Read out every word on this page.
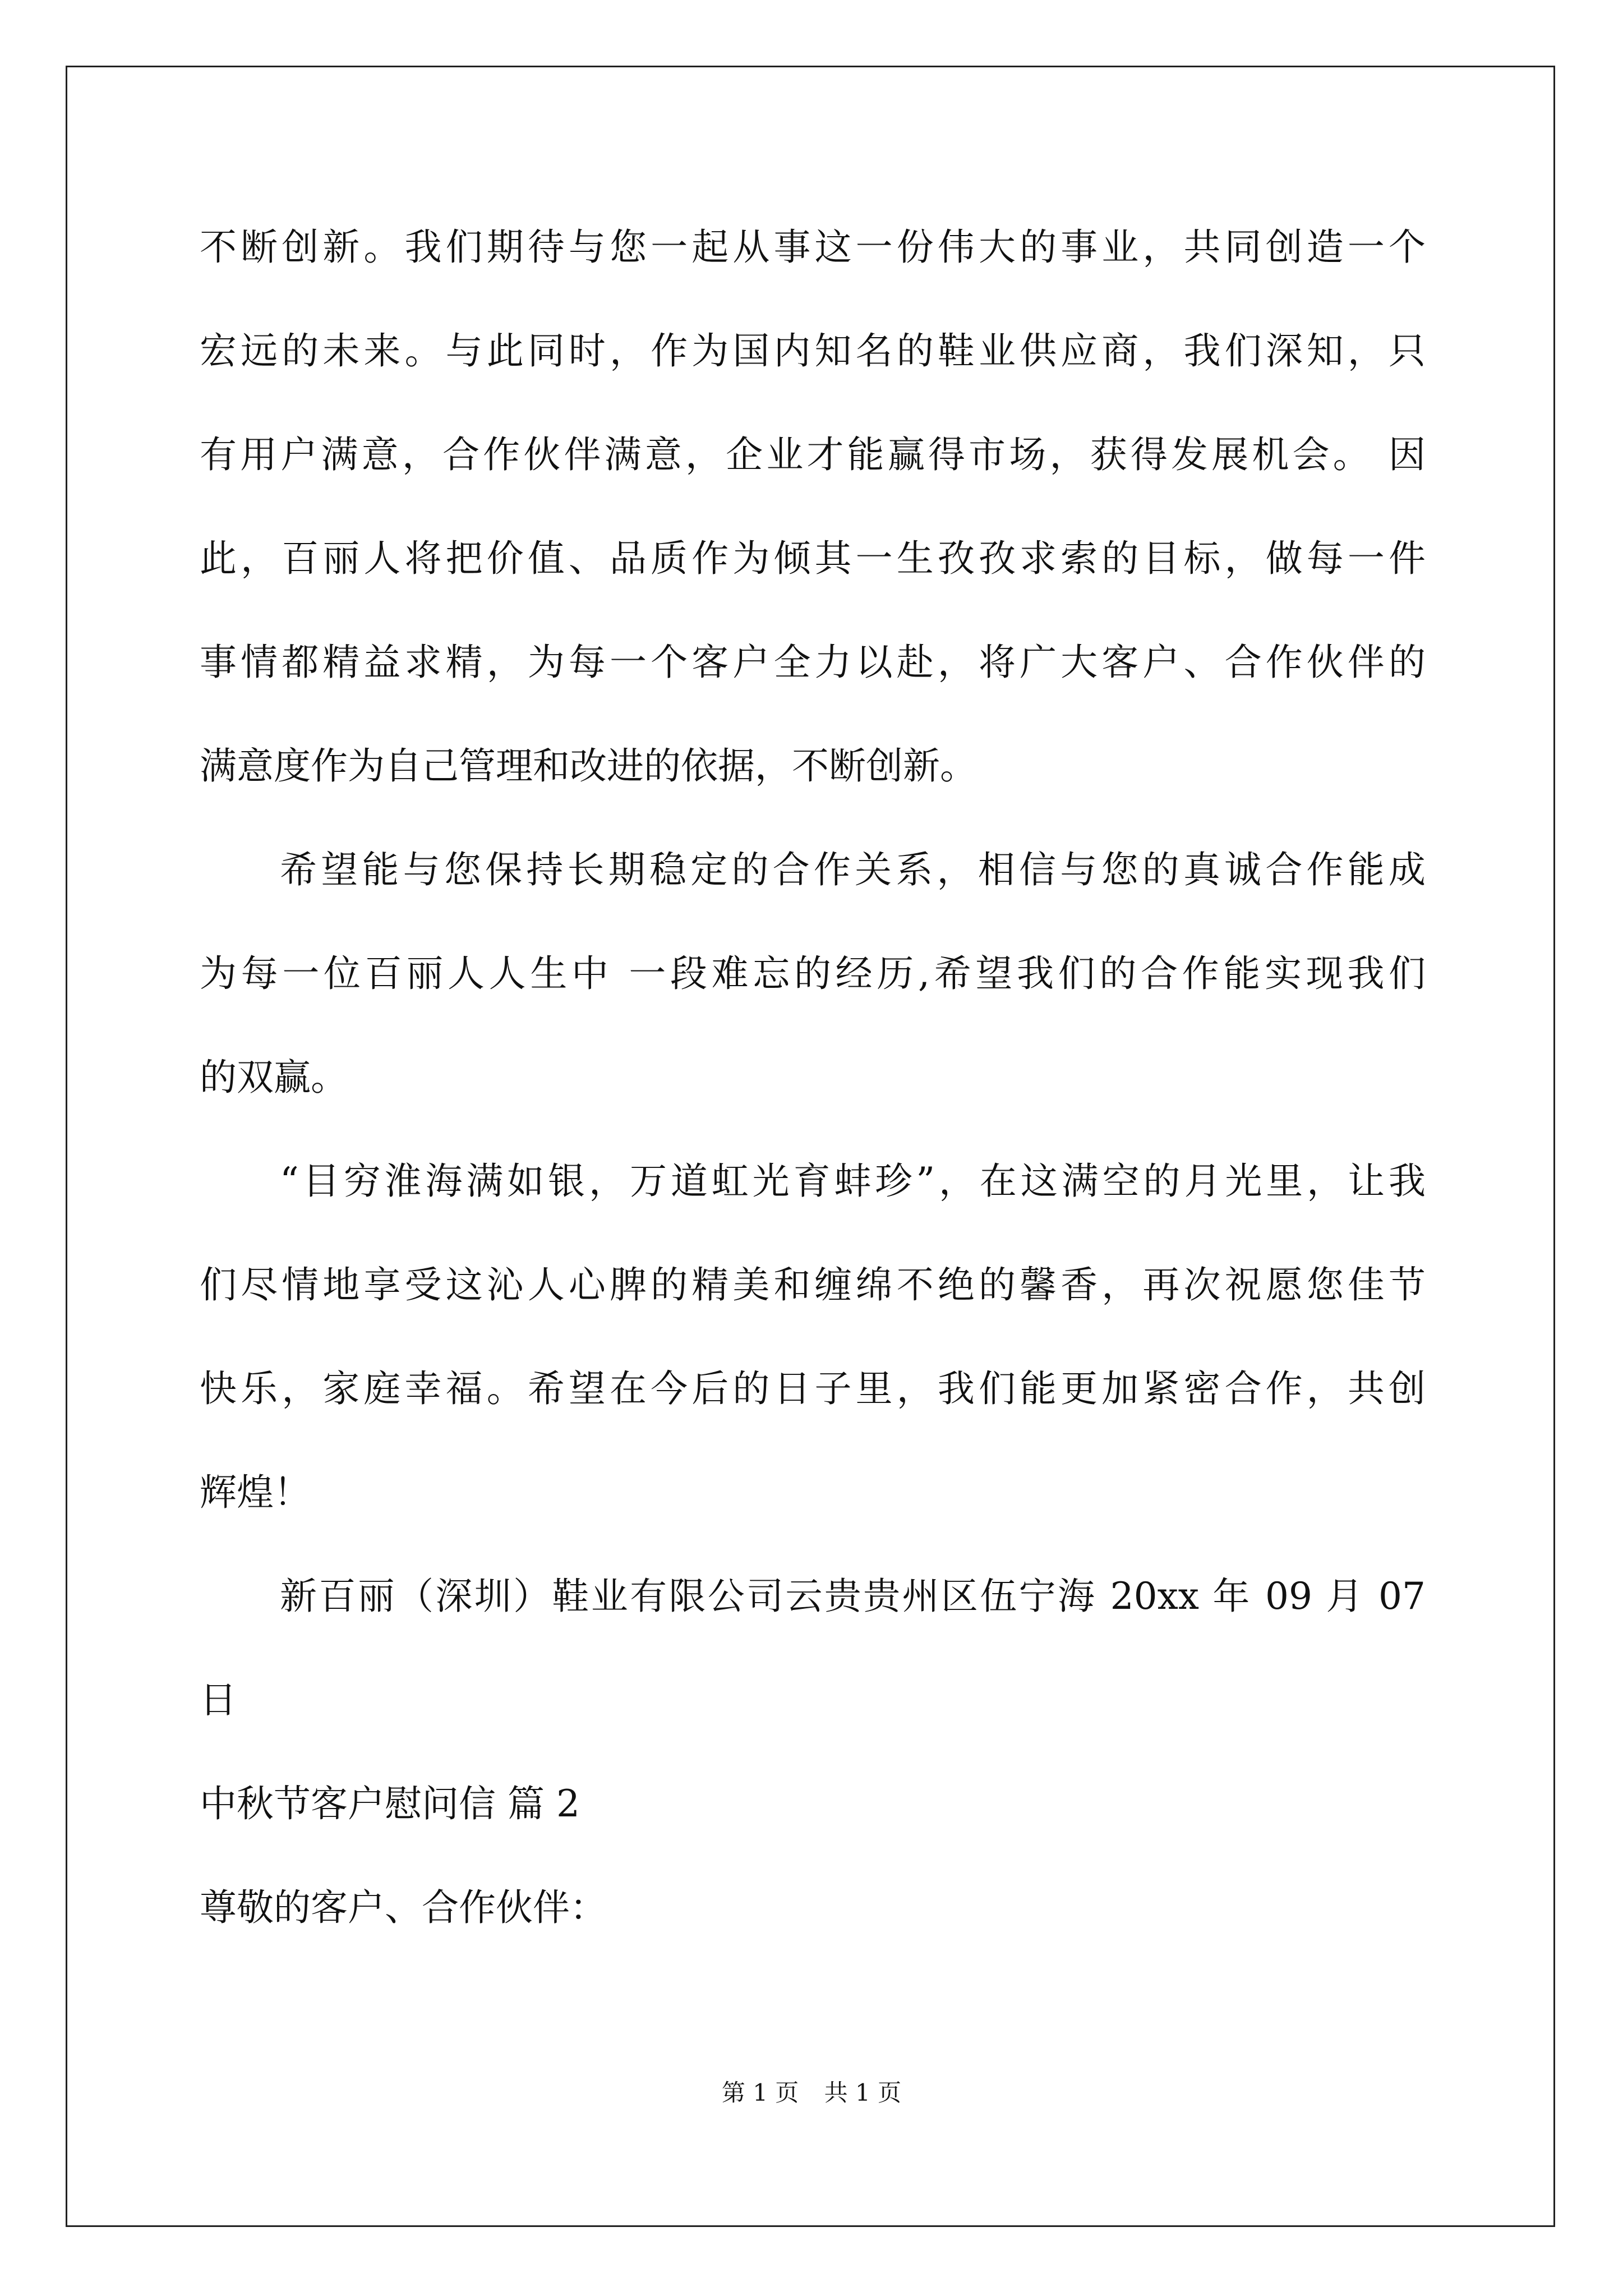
不断创新。我们期待与您一起从事这一份伟大的事业，共同创造一个
宏远的未来。与此同时，作为国内知名的鞋业供应商，我们深知，只
有用户满意，合作伙伴满意，企业才能赢得市场，获得发展机会。 因
此，百丽人将把价值、品质作为倾其一生孜孜求索的目标，做每一件
事情都精益求精，为每一个客户全力以赴，将广大客户、合作伙伴的
满意度作为自己管理和改进的依据，不断创新。
希望能与您保持长期稳定的合作关系，相信与您的真诚合作能成
为每一位百丽人人生中 一段难忘的经历,希望我们的合作能实现我们
的双赢。
“目穷淮海满如银，万道虹光育蚌珍”，在这满空的月光里，让我
们尽情地享受这沁人心脾的精美和缠绵不绝的馨香，再次祝愿您佳节
快乐，家庭幸福。希望在今后的日子里，我们能更加紧密合作，共创
辉煌！
新百丽（深圳）鞋业有限公司云贵贵州区伍宁海 20xx 年 09 月 07
日
中秋节客户慰问信 篇 2
尊敬的客户、合作伙伴：
第 1 页 共 1 页
